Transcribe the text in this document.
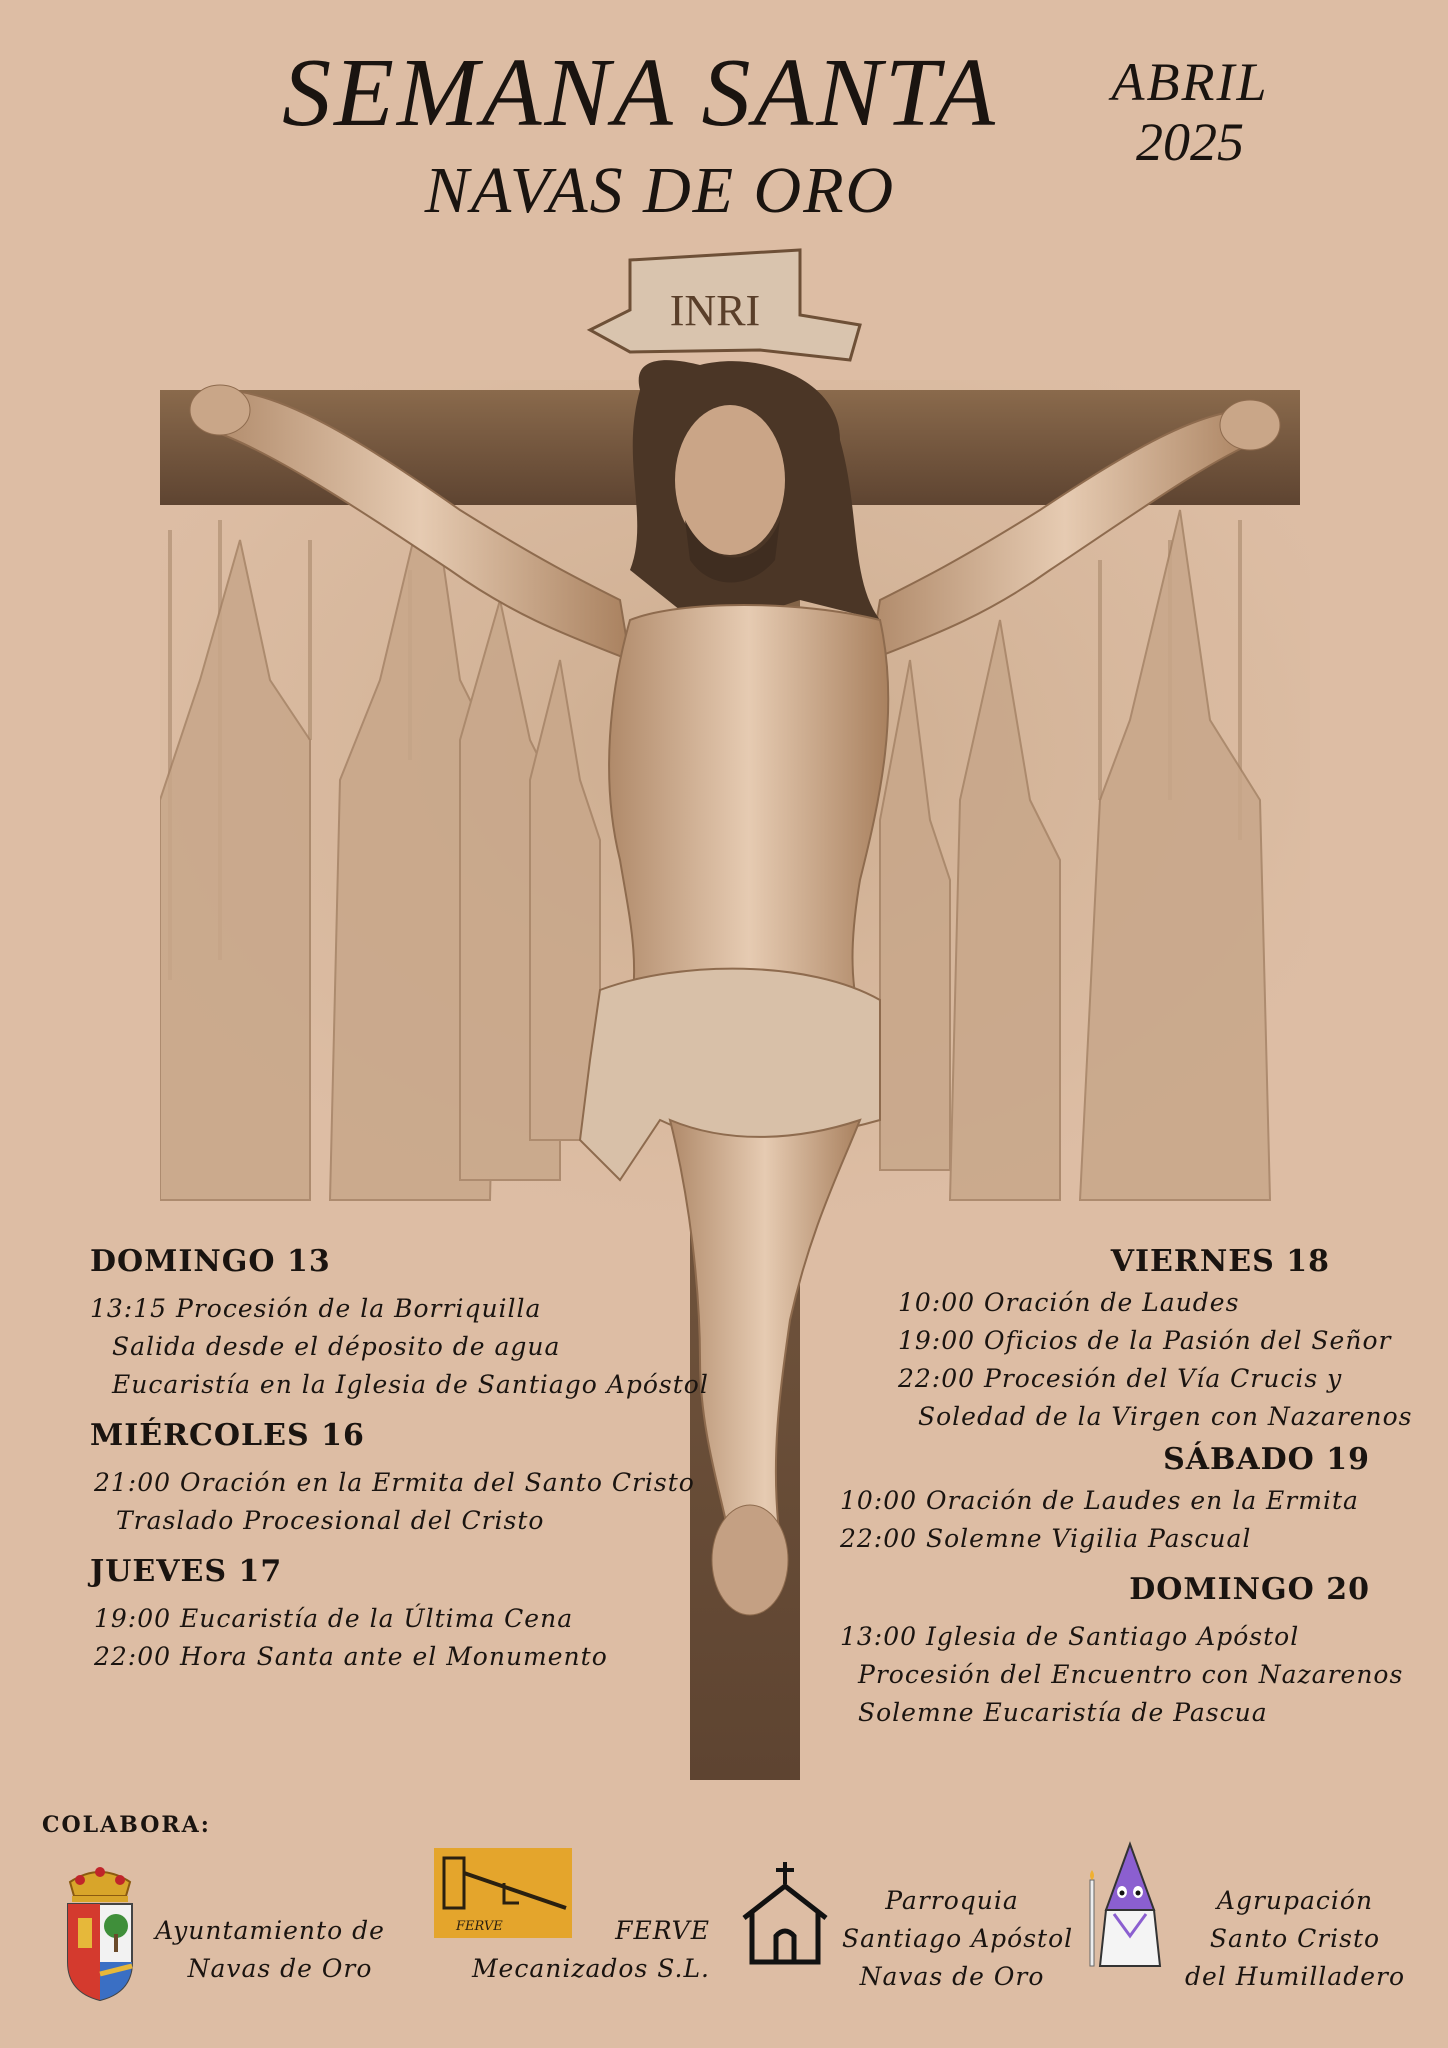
SEMANA SANTA
NAVAS DE ORO
ABRIL
2025
INRI
DOMINGO 13
13:15 Procesión de la Borriquilla
Salida desde el déposito de agua
Eucaristía en la Iglesia de Santiago Apóstol
MIÉRCOLES 16
21:00 Oración en la Ermita del Santo Cristo
Traslado Procesional del Cristo
JUEVES 17
19:00 Eucaristía de la Última Cena
22:00 Hora Santa ante el Monumento
VIERNES 18
10:00 Oración de Laudes
19:00 Oficios de la Pasión del Señor
22:00 Procesión del Vía Crucis y
Soledad de la Virgen con Nazarenos
SÁBADO 19
10:00 Oración de Laudes en la Ermita
22:00 Solemne Vigilia Pascual
DOMINGO 20
13:00 Iglesia de Santiago Apóstol
Procesión del Encuentro con Nazarenos
Solemne Eucaristía de Pascua
COLABORA:
Ayuntamiento de
Navas de Oro
FERVE	FERVE
Mecanizados S.L.
Parroquia
Santiago Apóstol
Navas de Oro
Agrupación
Santo Cristo
del Humilladero
